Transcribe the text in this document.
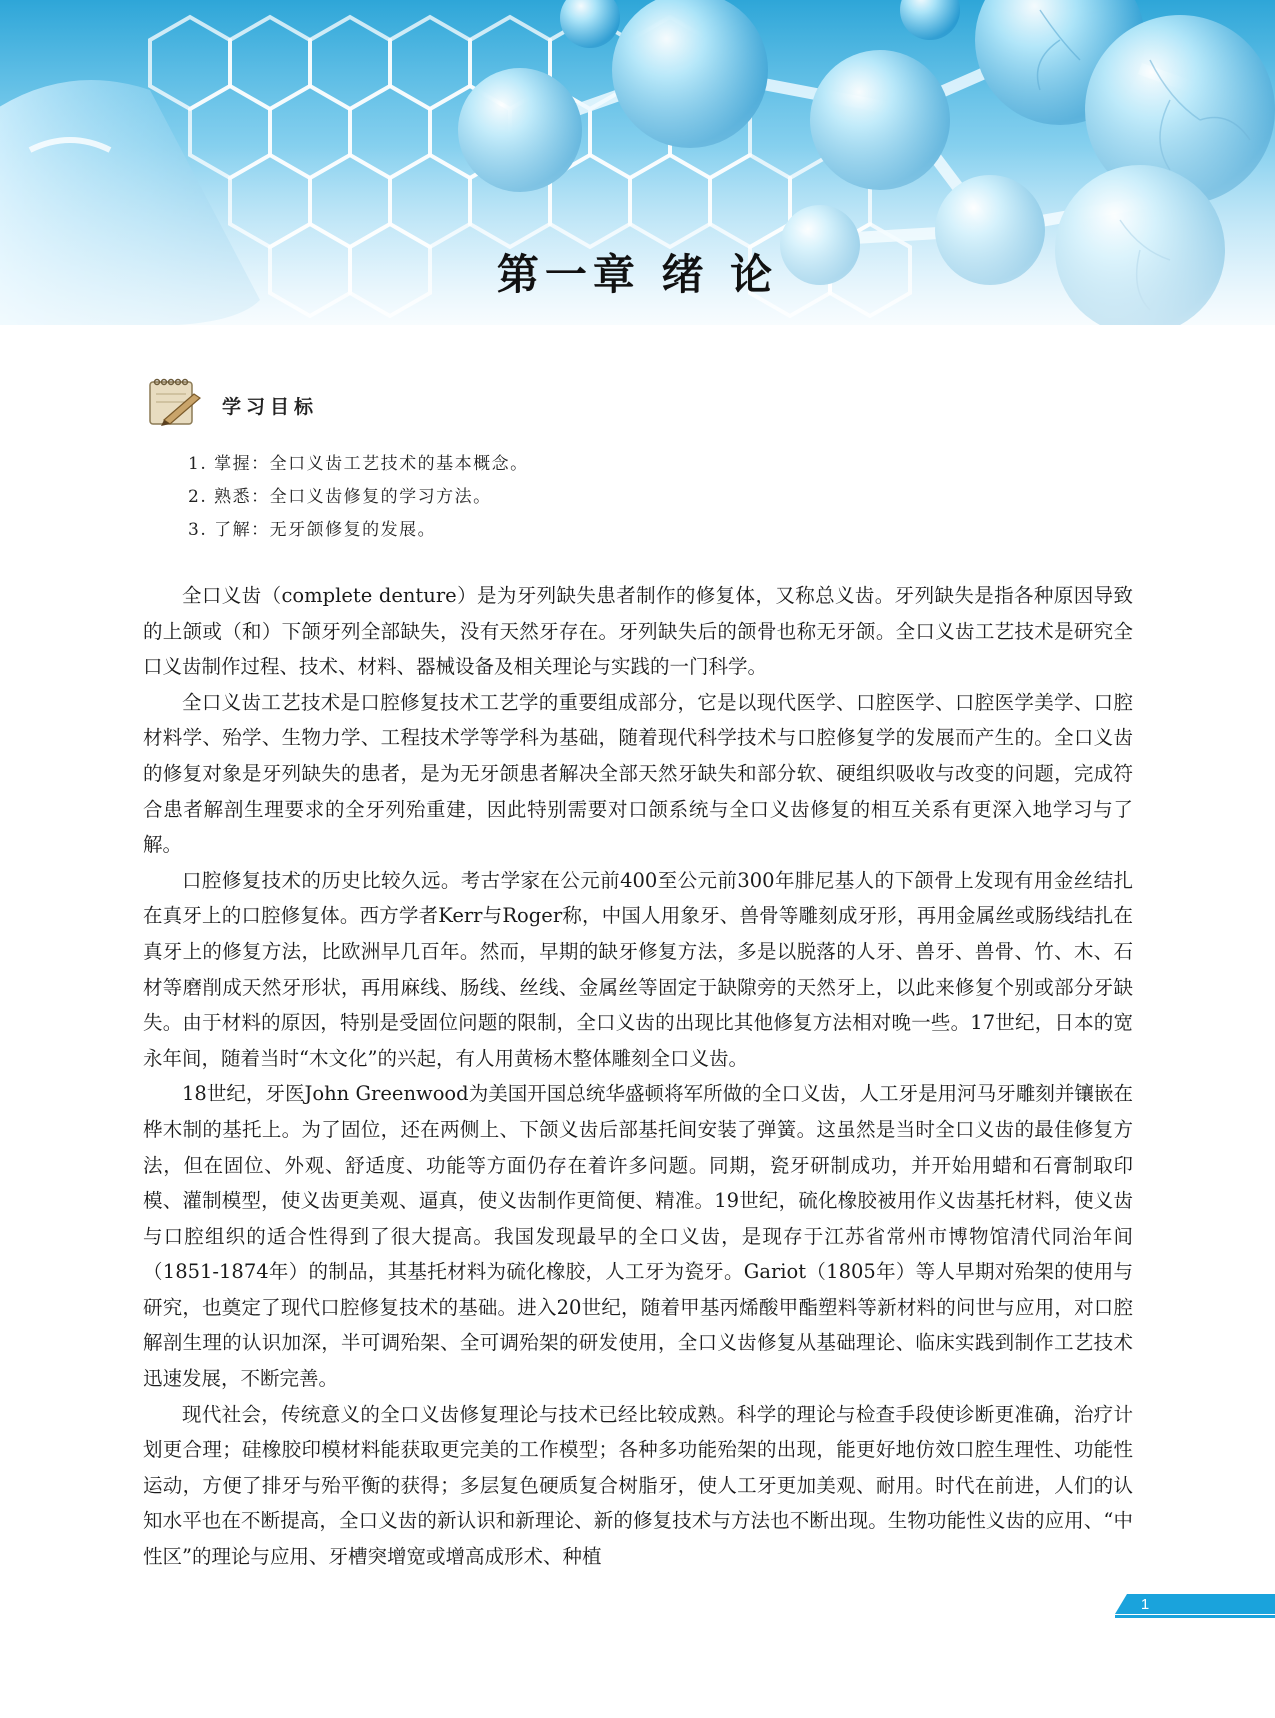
第一章 绪 论
学习目标
1. 掌握：全口义齿工艺技术的基本概念。
2. 熟悉：全口义齿修复的学习方法。
3. 了解：无牙颌修复的发展。

全口义齿（complete denture）是为牙列缺失患者制作的修复体，又称总义齿。牙列缺失是指各种原因导致的上颌或（和）下颌牙列全部缺失，没有天然牙存在。牙列缺失后的颌骨也称无牙颌。全口义齿工艺技术是研究全口义齿制作过程、技术、材料、器械设备及相关理论与实践的一门科学。

全口义齿工艺技术是口腔修复技术工艺学的重要组成部分，它是以现代医学、口腔医学、口腔医学美学、口腔材料学、殆学、生物力学、工程技术学等学科为基础，随着现代科学技术与口腔修复学的发展而产生的。全口义齿的修复对象是牙列缺失的患者，是为无牙颌患者解决全部天然牙缺失和部分软、硬组织吸收与改变的问题，完成符合患者解剖生理要求的全牙列殆重建，因此特别需要对口颌系统与全口义齿修复的相互关系有更深入地学习与了解。

口腔修复技术的历史比较久远。考古学家在公元前400至公元前300年腓尼基人的下颌骨上发现有用金丝结扎在真牙上的口腔修复体。西方学者Kerr与Roger称，中国人用象牙、兽骨等雕刻成牙形，再用金属丝或肠线结扎在真牙上的修复方法，比欧洲早几百年。然而，早期的缺牙修复方法，多是以脱落的人牙、兽牙、兽骨、竹、木、石材等磨削成天然牙形状，再用麻线、肠线、丝线、金属丝等固定于缺隙旁的天然牙上，以此来修复个别或部分牙缺失。由于材料的原因，特别是受固位问题的限制，全口义齿的出现比其他修复方法相对晚一些。17世纪，日本的宽永年间，随着当时“木文化”的兴起，有人用黄杨木整体雕刻全口义齿。

18世纪，牙医John Greenwood为美国开国总统华盛顿将军所做的全口义齿，人工牙是用河马牙雕刻并镶嵌在桦木制的基托上。为了固位，还在两侧上、下颌义齿后部基托间安装了弹簧。这虽然是当时全口义齿的最佳修复方法，但在固位、外观、舒适度、功能等方面仍存在着许多问题。同期，瓷牙研制成功，并开始用蜡和石膏制取印模、灌制模型，使义齿更美观、逼真，使义齿制作更简便、精准。19世纪，硫化橡胶被用作义齿基托材料，使义齿与口腔组织的适合性得到了很大提高。我国发现最早的全口义齿，是现存于江苏省常州市博物馆清代同治年间（1851-1874年）的制品，其基托材料为硫化橡胶，人工牙为瓷牙。Gariot（1805年）等人早期对殆架的使用与研究，也奠定了现代口腔修复技术的基础。进入20世纪，随着甲基丙烯酸甲酯塑料等新材料的问世与应用，对口腔解剖生理的认识加深，半可调殆架、全可调殆架的研发使用，全口义齿修复从基础理论、临床实践到制作工艺技术迅速发展，不断完善。

现代社会，传统意义的全口义齿修复理论与技术已经比较成熟。科学的理论与检查手段使诊断更准确，治疗计划更合理；硅橡胶印模材料能获取更完美的工作模型；各种多功能殆架的出现，能更好地仿效口腔生理性、功能性运动，方便了排牙与殆平衡的获得；多层复色硬质复合树脂牙，使人工牙更加美观、耐用。时代在前进，人们的认知水平也在不断提高，全口义齿的新认识和新理论、新的修复技术与方法也不断出现。生物功能性义齿的应用、“中性区”的理论与应用、牙槽突增宽或增高成形术、种植

1
